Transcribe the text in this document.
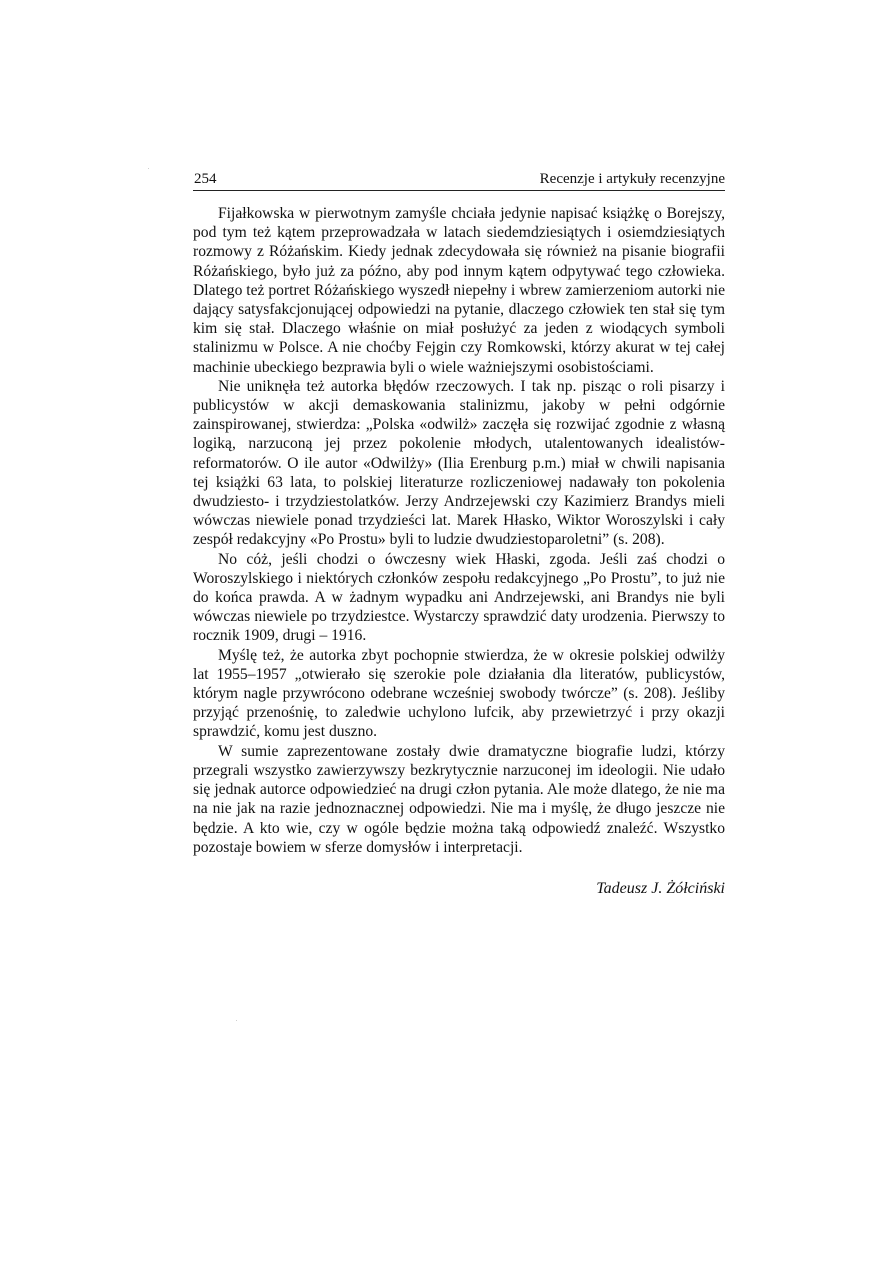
254	Recenzje i artykuły recenzyjne

Fijałkowska w pierwotnym zamyśle chciała jedynie napisać książkę o Borejszy, pod tym też kątem przeprowadzała w latach siedemdziesiątych i osiemdziesiątych rozmowy z Różańskim. Kiedy jednak zdecydowała się również na pisanie biografii Różańskiego, było już za późno, aby pod innym kątem odpytywać tego człowieka. Dlatego też portret Różańskiego wyszedł niepełny i wbrew zamierzeniom autorki nie dający satysfakcjonującej odpowiedzi na pytanie, dlaczego człowiek ten stał się tym kim się stał. Dlaczego właśnie on miał posłużyć za jeden z wiodących symboli stalinizmu w Polsce. A nie choćby Fejgin czy Romkowski, którzy akurat w tej całej machinie ubeckiego bezprawia byli o wiele ważniejszymi osobistościami.

Nie uniknęła też autorka błędów rzeczowych. I tak np. pisząc o roli pisarzy i publicystów w akcji demaskowania stalinizmu, jakoby w pełni odgórnie zainspirowanej, stwierdza: „Polska «odwilż» zaczęła się rozwijać zgodnie z własną logiką, narzuconą jej przez pokolenie młodych, utalentowanych idealistów-reformatorów. O ile autor «Odwilży» (Ilia Erenburg p.m.) miał w chwili napisania tej książki 63 lata, to polskiej literaturze rozliczeniowej nadawały ton pokolenia dwudziesto- i trzydziestolatków. Jerzy Andrzejewski czy Kazimierz Brandys mieli wówczas niewiele ponad trzydzieści lat. Marek Hłasko, Wiktor Woroszylski i cały zespół redakcyjny «Po Prostu» byli to ludzie dwudziestoparoletni” (s. 208).

No cóż, jeśli chodzi o ówczesny wiek Hłaski, zgoda. Jeśli zaś chodzi o Woroszylskiego i niektórych członków zespołu redakcyjnego „Po Prostu”, to już nie do końca prawda. A w żadnym wypadku ani Andrzejewski, ani Brandys nie byli wówczas niewiele po trzydziestce. Wystarczy sprawdzić daty urodzenia. Pierwszy to rocznik 1909, drugi – 1916.

Myślę też, że autorka zbyt pochopnie stwierdza, że w okresie polskiej odwilży lat 1955–1957 „otwierało się szerokie pole działania dla literatów, publicystów, którym nagle przywrócono odebrane wcześniej swobody twórcze” (s. 208). Jeśliby przyjąć przenośnię, to zaledwie uchylono lufcik, aby przewietrzyć i przy okazji sprawdzić, komu jest duszno.

W sumie zaprezentowane zostały dwie dramatyczne biografie ludzi, którzy przegrali wszystko zawierzywszy bezkrytycznie narzuconej im ideologii. Nie udało się jednak autorce odpowiedzieć na drugi człon pytania. Ale może dlatego, że nie ma na nie jak na razie jednoznacznej odpowiedzi. Nie ma i myślę, że długo jeszcze nie będzie. A kto wie, czy w ogóle będzie można taką odpowiedź znaleźć. Wszystko pozostaje bowiem w sferze domysłów i interpretacji.

Tadeusz J. Żółciński
